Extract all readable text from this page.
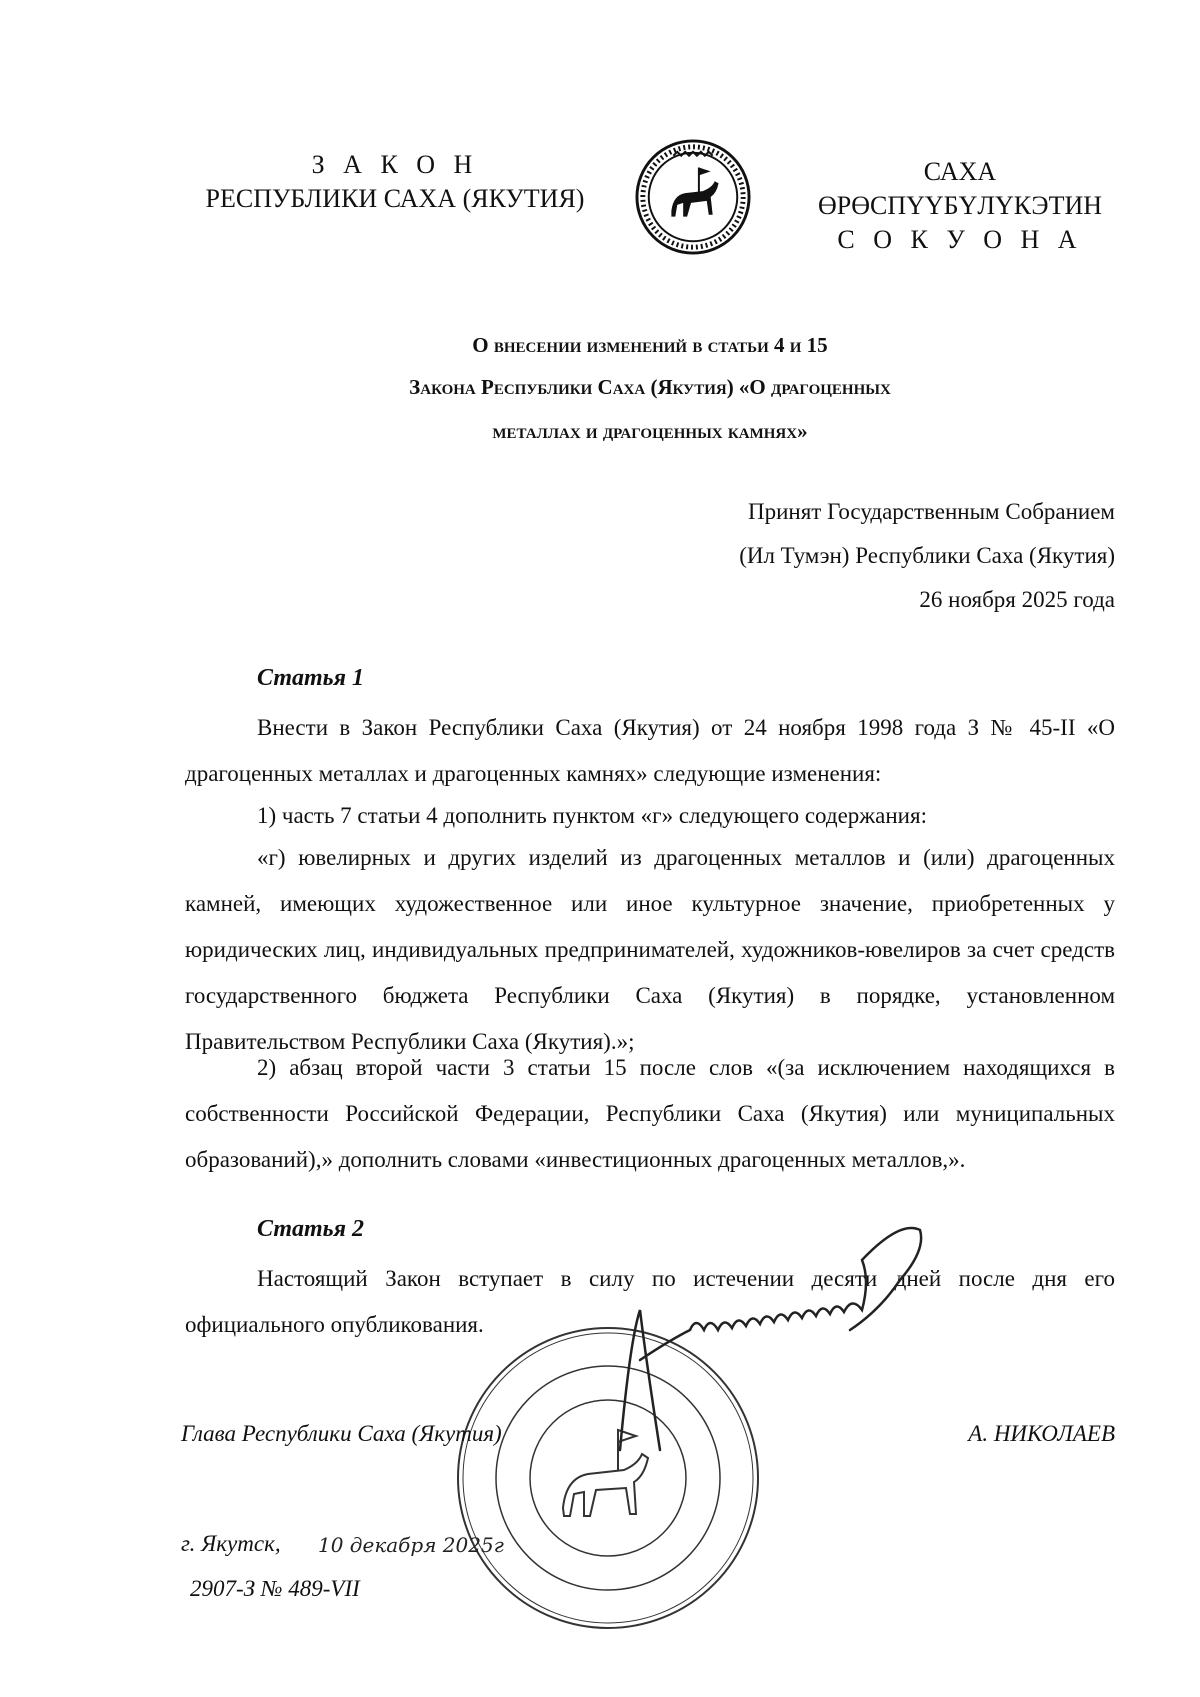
З А К О Н
РЕСПУБЛИКИ САХА (ЯКУТИЯ)
САХА ӨРӨСПҮҮБҮЛҮКЭТИН
С О К У О Н А
О внесении изменений в статьи 4 и 15
Закона Республики Саха (Якутия) «О драгоценных
металлах и драгоценных камнях»
Принят Государственным Собранием
(Ил Тумэн) Республики Саха (Якутия)
26 ноября 2025 года
Статья 1
Внести в Закон Республики Саха (Якутия) от 24 ноября 1998 года З № 45-II «О драгоценных металлах и драгоценных камнях» следующие изменения:
1) часть 7 статьи 4 дополнить пунктом «г» следующего содержания:
«г) ювелирных и других изделий из драгоценных металлов и (или) драгоценных камней, имеющих художественное или иное культурное значение, приобретенных у юридических лиц, индивидуальных предпринимателей, художников-ювелиров за счет средств государственного бюджета Республики Саха (Якутия) в порядке, установленном Правительством Республики Саха (Якутия).»;
2) абзац второй части 3 статьи 15 после слов «(за исключением находящихся в собственности Российской Федерации, Республики Саха (Якутия) или муниципальных образований),» дополнить словами «инвестиционных драгоценных металлов,».
Статья 2
Настоящий Закон вступает в силу по истечении десяти дней после дня его официального опубликования.
Глава Республики Саха (Якутия)	А. НИКОЛАЕВ
г. Якутск, 10 декабря 2025г
2907-З № 489-VII
